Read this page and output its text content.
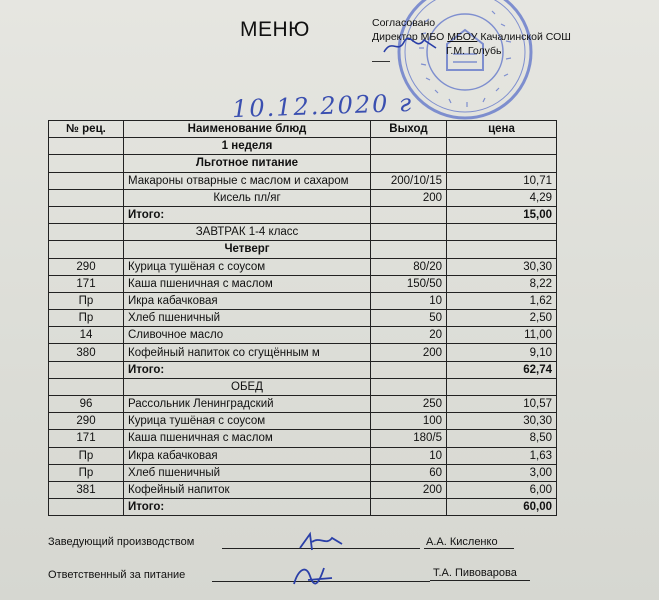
МЕНЮ	Согласовано
Директор МБО МБОУ Качалинской СОШ
Г.М. Голубь
10.12.2020 г
№ рец.	Наименование блюд	Выход	цена
	1 неделя		
	Льготное питание		
	Макароны отварные с маслом и сахаром	200/10/15	10,71
	Кисель пл/яг	200	4,29
	Итого:		15,00
	ЗАВТРАК 1-4 класс		
	Четверг		
290	Курица тушёная с соусом	80/20	30,30
171	Каша пшеничная с маслом	150/50	8,22
Пр	Икра кабачковая	10	1,62
Пр	Хлеб пшеничный	50	2,50
14	Сливочное масло	20	11,00
380	Кофейный напиток со сгущённым м	200	9,10
	Итого:		62,74
	ОБЕД		
96	Рассольник Ленинградский	250	10,57
290	Курица тушёная с соусом	100	30,30
171	Каша пшеничная с маслом	180/5	8,50
Пр	Икра кабачковая	10	1,63
Пр	Хлеб пшеничный	60	3,00
381	Кофейный напиток	200	6,00
	Итого:		60,00
Заведующий производством	А.А. Кисленко
Ответственный за питание	Т.А. Пивоварова
